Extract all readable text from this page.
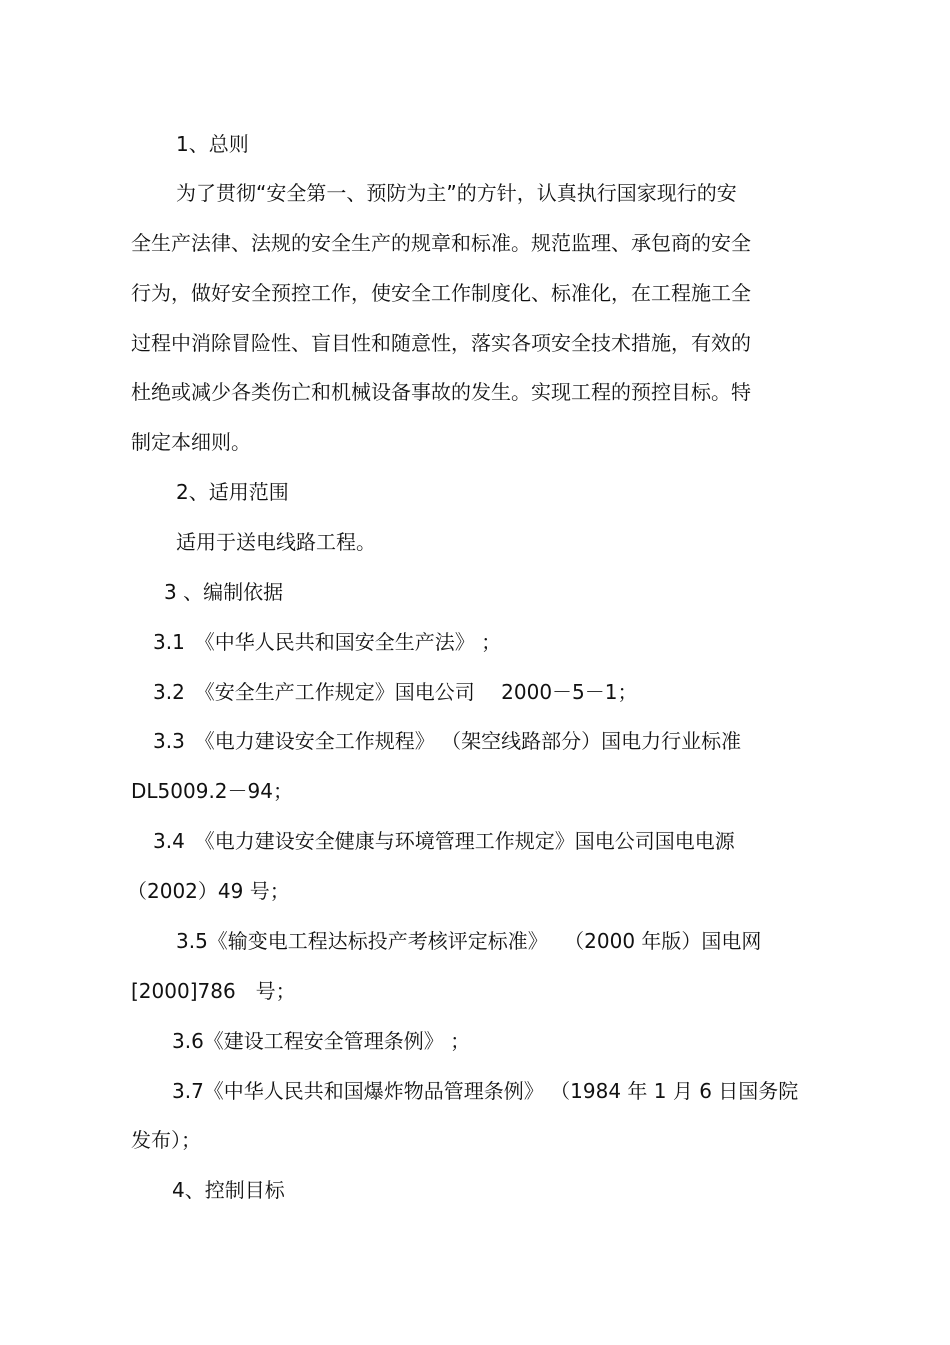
1、总则
为了贯彻“安全第一、预防为主”的方针，认真执行国家现行的安
全生产法律、法规的安全生产的规章和标准。规范监理、承包商的安全
行为，做好安全预控工作，使安全工作制度化、标准化，在工程施工全
过程中消除冒险性、盲目性和随意性，落实各项安全技术措施，有效的
杜绝或减少各类伤亡和机械设备事故的发生。实现工程的预控目标。特
制定本细则。
2、适用范围
适用于送电线路工程。
3 、编制依据
3.1　《中华人民共和国安全生产法》 ；
3.2　《安全生产工作规定》国电公司　 2000－5－1；
3.3　《电力建设安全工作规程》 （架空线路部分）国电力行业标准
DL5009.2－94；
3.4　《电力建设安全健康与环境管理工作规定》国电公司国电电源
（2002）49 号；
3.5《输变电工程达标投产考核评定标准》　 （2000 年版）国电网
[2000]786　号；
3.6《建设工程安全管理条例》 ；
3.7《中华人民共和国爆炸物品管理条例》 （1984 年 1 月 6 日国务院
发布）；
4、控制目标
